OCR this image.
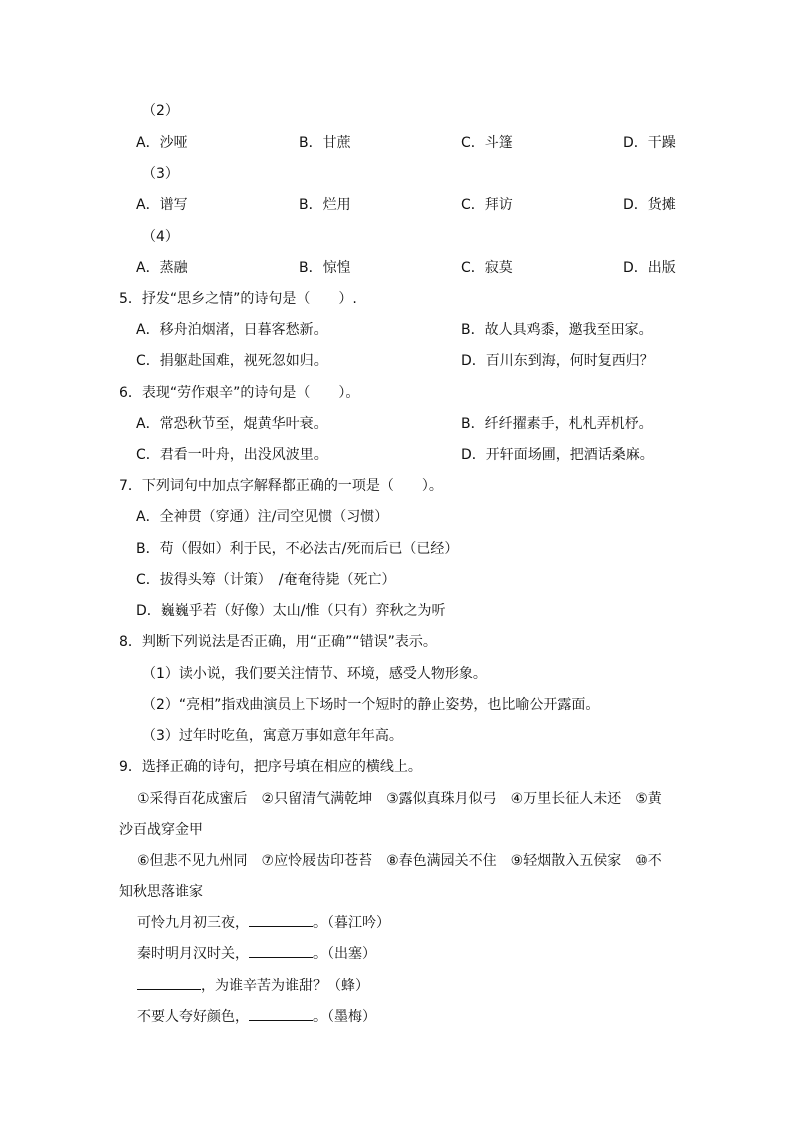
（2）
A．沙哑	B．甘蔗	C．斗篷	D．干躁
（3）
A．谱写	B．烂用	C．拜访	D．货摊
（4）
A．蒸融	B．惊惶	C．寂莫	D．出版
5．抒发“思乡之情”的诗句是（　　）.
A．移舟泊烟渚，日暮客愁新。	B．故人具鸡黍，邀我至田家。
C．捐躯赴国难，视死忽如归。	D．百川东到海，何时复西归？
6．表现“劳作艰辛”的诗句是（　　）。
A．常恐秋节至，焜黄华叶衰。	B．纤纤擢素手，札札弄机杼。
C．君看一叶舟，出没风波里。	D．开轩面场圃，把酒话桑麻。
7．下列词句中加点字解释都正确的一项是（　　）。
A．全神贯（穿通）注/司空见惯（习惯）
B．苟（假如）利于民，不必法古/死而后已（已经）
C．拔得头筹（计策）　/奄奄待毙（死亡）
D．巍巍乎若（好像）太山/惟（只有）弈秋之为听
8．判断下列说法是否正确，用“正确”“错误”表示。
（1）读小说，我们要关注情节、环境，感受人物形象。
（2）“亮相”指戏曲演员上下场时一个短时的静止姿势，也比喻公开露面。
（3）过年时吃鱼，寓意万事如意年年高。
9．选择正确的诗句，把序号填在相应的横线上。
①采得百花成蜜后　②只留清气满乾坤　③露似真珠月似弓　④万里长征人未还　⑤黄
沙百战穿金甲
⑥但悲不见九州同　⑦应怜屐齿印苍苔　⑧春色满园关不住　⑨轻烟散入五侯家　⑩不
知秋思落谁家
可怜九月初三夜，	。（暮江吟）
秦时明月汉时关，	。（出塞）
，为谁辛苦为谁甜？（蜂）
不要人夸好颜色，	。（墨梅）
